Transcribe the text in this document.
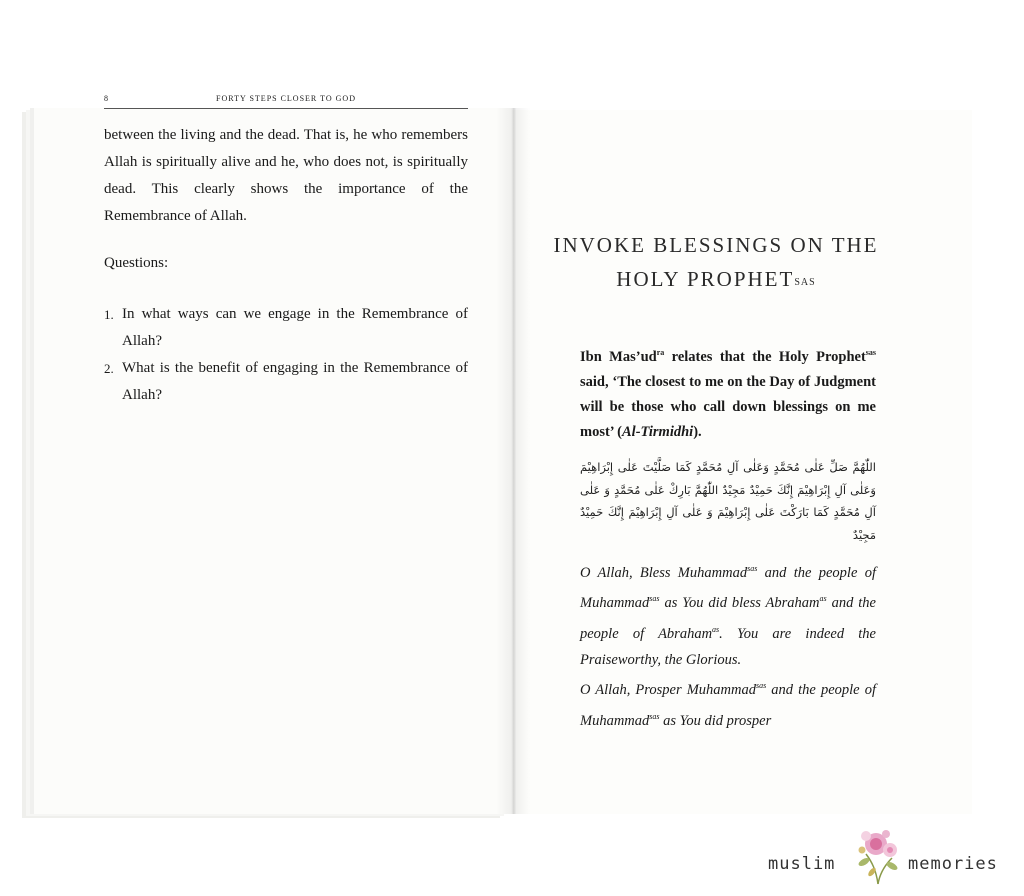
8	FORTY STEPS CLOSER TO GOD

between the living and the dead. That is, he who remembers Allah is spiritually alive and he, who does not, is spiritually dead. This clearly shows the importance of the Remembrance of Allah.

Questions:

1. In what ways can we engage in the Remembrance of Allah?
2. What is the benefit of engaging in the Remembrance of Allah?
INVOKE BLESSINGS ON THE
HOLY $PROPHET^{SAS}$
Ibn $Mas’ud^{ra}$ relates that the Holy Prophet$^{sas}$ said, ‘The closest to me on the Day of Judgment will be those who call down blessings on me most’ (Al-Tirmidhi).
اللّٰهُمَّ صَلِّ عَلٰى مُحَمَّدٍ وَعَلٰى آلِ مُحَمَّدٍ كَمَا صَلَّيْتَ عَلٰى إِبْرَاهِيْمَ وَعَلٰى آلِ إِبْرَاهِيْمَ إِنَّكَ حَمِيْدٌ مَجِيْدٌ اللّٰهُمَّ بَارِكْ عَلٰى مُحَمَّدٍ وَ عَلٰى آلِ مُحَمَّدٍ كَمَا بَارَكْتَ عَلٰى إِبْرَاهِيْمَ وَ عَلٰى آلِ إِبْرَاهِيْمَ إِنَّكَ حَمِيْدٌ مَجِيْدٌ

O Allah, Bless Muhammad$^{sas}$ and the people of Muhammad$^{sas}$ as You did bless Abraham$^{as}$ and the people of Abraham$^{as}$. You are indeed the Praiseworthy, the Glorious.

O Allah, Prosper Muhammad$^{sas}$ and the people of Muhammad$^{sas}$ as You did prosper

muslim	memories
